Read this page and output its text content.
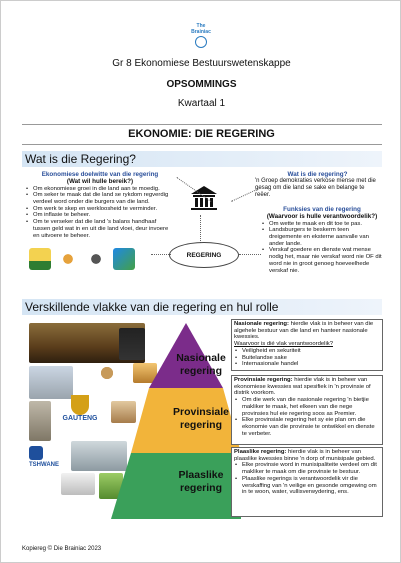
The Brainiac
Gr 8 Ekonomiese Bestuurswetenskappe
OPSOMMINGS
Kwartaal 1
EKONOMIE: DIE REGERING
Wat is die Regering?
Ekonomiese doelwitte van die regering
(Wat wil hulle bereik?)
• Om ekonomiese groei in die land aan te moedig.
• Om seker te maak dat die land se rykdom regverdig verdeel word onder die burgers van die land.
• Om werk te skep en werkloosheid te verminder.
• Om inflasie te beheer.
• Om te verseker dat die land 's balans handhaaf tussen geld wat in en uit die land vloei, deur invoere en uitvoere te beheer.
REGERING
Wat is die regering?

'n Groep demokraties verkose mense met die gesag om die land se sake en belange te reëer.

Funksies van die regering
(Waarvoor is hulle verantwoordelik?)
• Om wette te maak en dit toe te pas.
• Landsburgers te beskerm teen dreigemente en eksterne aanvalle van ander lande.
• Verskaf goedere en dienste wat mense nodig het, maar nie verskaf word nie OF dit word nie in groot genoeg hoeveelhede verskaf nie.
Verskillende vlakke van die regering en hul rolle
GAUTENG
TSHWANE
Nasionale
regering
Provinsiale
regering
Plaaslike
regering

Nasionale regering: hierdie vlak is in beheer van die algehele bestuur van die land en hanteer nasionale kwessies.

Waarvoor is dié vlak verantwoordelik?

• Veiligheid en sekuriteit
• Buitelandse sake
• Internasionale handel

Provinsiale regering: hierdie vlak is in beheer van ekonomiese kwessies wat spesifiek in 'n provinsie of distrik voorkom.

• Om die werk van die nasionale regering 'n bietjie makliker te maak, het elkeen van die nege provinsies hul eie regering soos as Premier.
• Elke provinsiale regering het sy eie plan om die ekonomie van die provinsie te ontwikkel en dienste te verbeter.

Plaaslike regering: hierdie vlak is in beheer van plaaslike kwessies binne 'n dorp of munisipale gebied.

• Elke provinsie word in munisipaliteite verdeel om dit makliker te maak om die provinsie te bestuur.
• Plaaslike regerings is verantwoordelik vir die verskaffing van 'n veilige en gesonde omgewing om in te woon, water, vullisverwydering, ens.
Kopiereg © Die Brainiac 2023
